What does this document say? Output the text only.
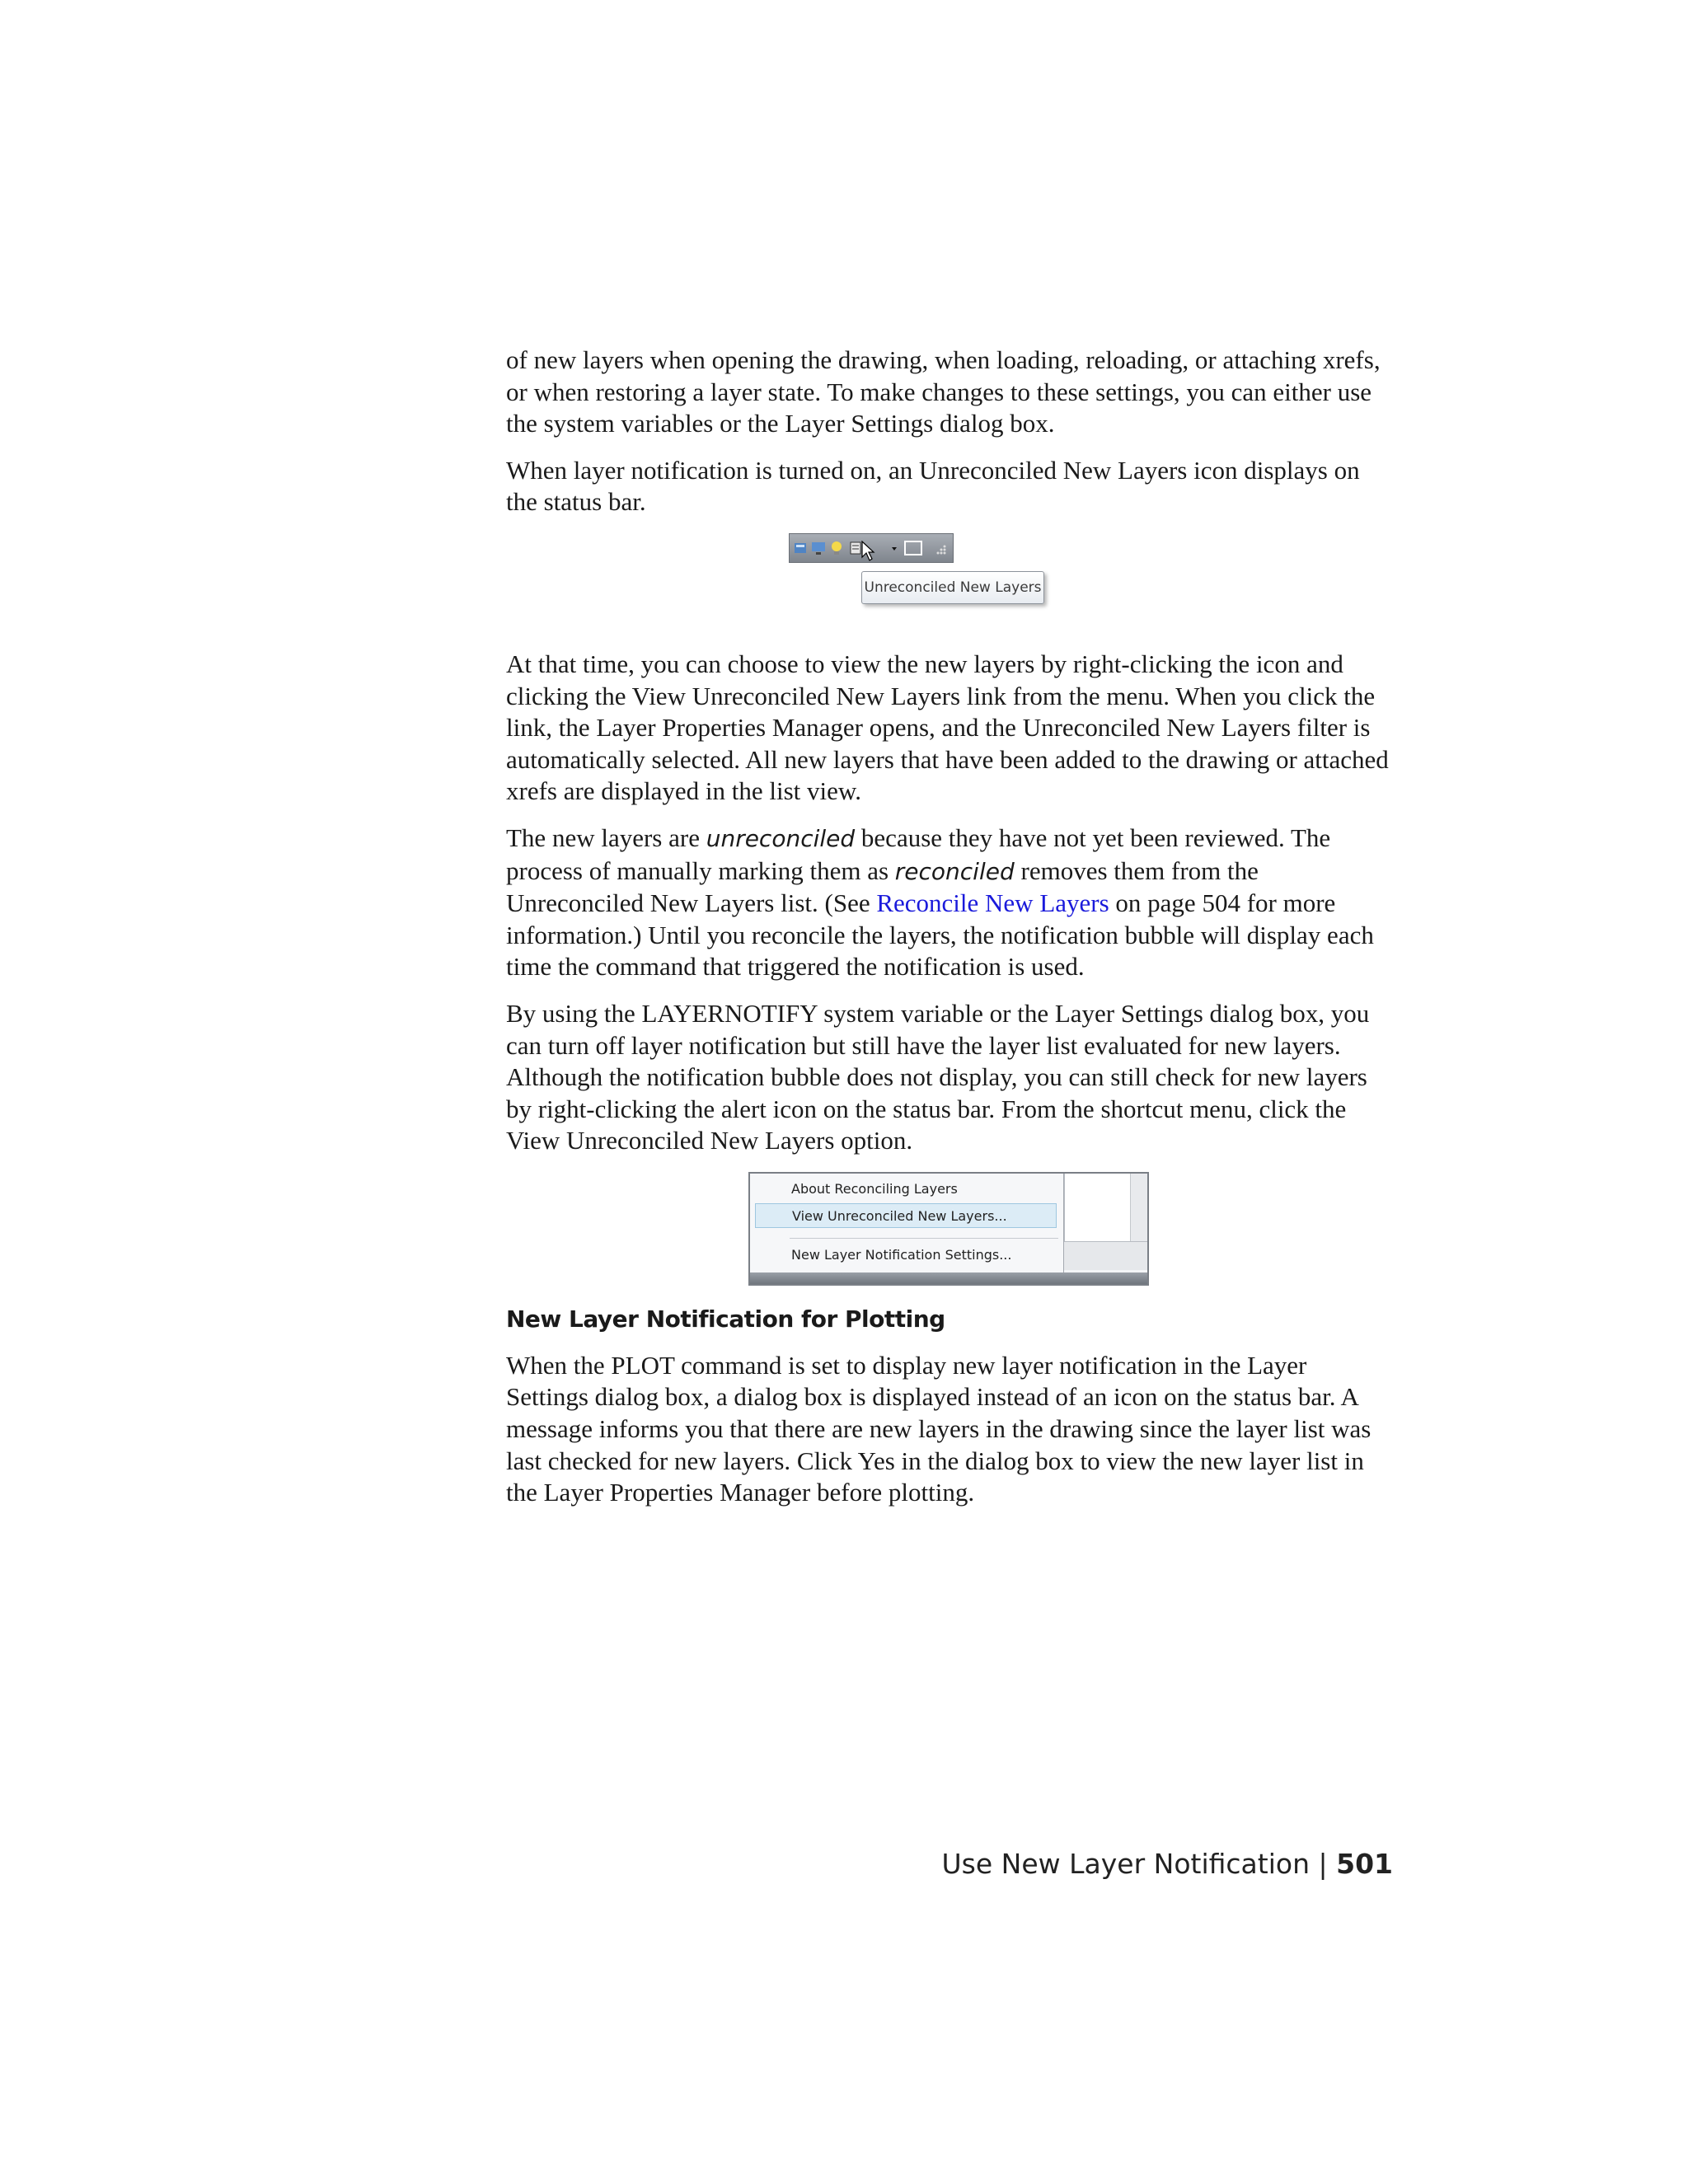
of new layers when opening the drawing, when loading, reloading, or attaching xrefs, or when restoring a layer state. To make changes to these settings, you can either use the system variables or the Layer Settings dialog box.

When layer notification is turned on, an Unreconciled New Layers icon displays on the status bar.

Unreconciled New Layers

At that time, you can choose to view the new layers by right-clicking the icon and clicking the View Unreconciled New Layers link from the menu. When you click the link, the Layer Properties Manager opens, and the Unreconciled New Layers filter is automatically selected. All new layers that have been added to the drawing or attached xrefs are displayed in the list view.

The new layers are unreconciled because they have not yet been reviewed. The process of manually marking them as reconciled removes them from the Unreconciled New Layers list. (See Reconcile New Layers on page 504 for more information.) Until you reconcile the layers, the notification bubble will display each time the command that triggered the notification is used.

By using the LAYERNOTIFY system variable or the Layer Settings dialog box, you can turn off layer notification but still have the layer list evaluated for new layers. Although the notification bubble does not display, you can still check for new layers by right-clicking the alert icon on the status bar. From the shortcut menu, click the View Unreconciled New Layers option.

About Reconciling Layers
View Unreconciled New Layers...
New Layer Notification Settings...
New Layer Notification for Plotting

When the PLOT command is set to display new layer notification in the Layer Settings dialog box, a dialog box is displayed instead of an icon on the status bar. A message informs you that there are new layers in the drawing since the layer list was last checked for new layers. Click Yes in the dialog box to view the new layer list in the Layer Properties Manager before plotting.

Use New Layer Notification | 501
